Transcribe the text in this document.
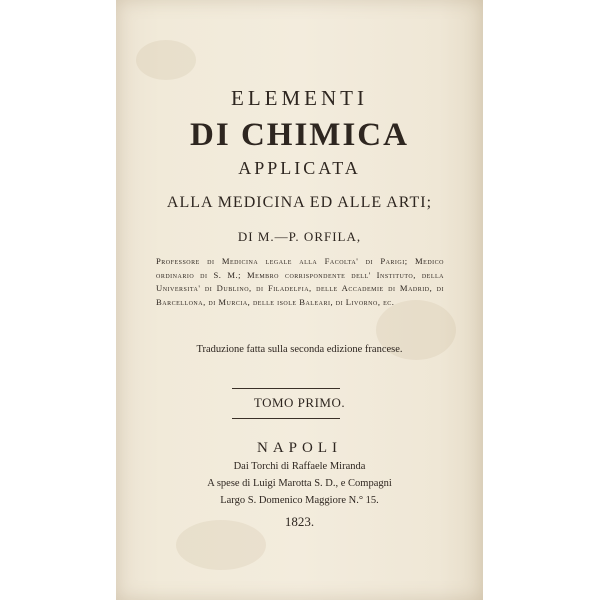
ELEMENTI
DI CHIMICA
APPLICATA
ALLA MEDICINA ED ALLE ARTI;
DI M.—P. ORFILA,
Professore di Medicina legale alla Facolta' di Parigi; Medico ordinario di S. M.; Membro corrispondente dell' Instituto, della Universita' di Dublino, di Filadelfia, delle Accademie di Madrid, di Barcellona, di Murcia, delle isole Baleari, di Livorno, ec.
Traduzione fatta sulla seconda edizione francese.
TOMO PRIMO.
NAPOLI
Dai Torchi di Raffaele Miranda
A spese di Luigi Marotta S. D., e Compagni
Largo S. Domenico Maggiore N.° 15.
1823.
